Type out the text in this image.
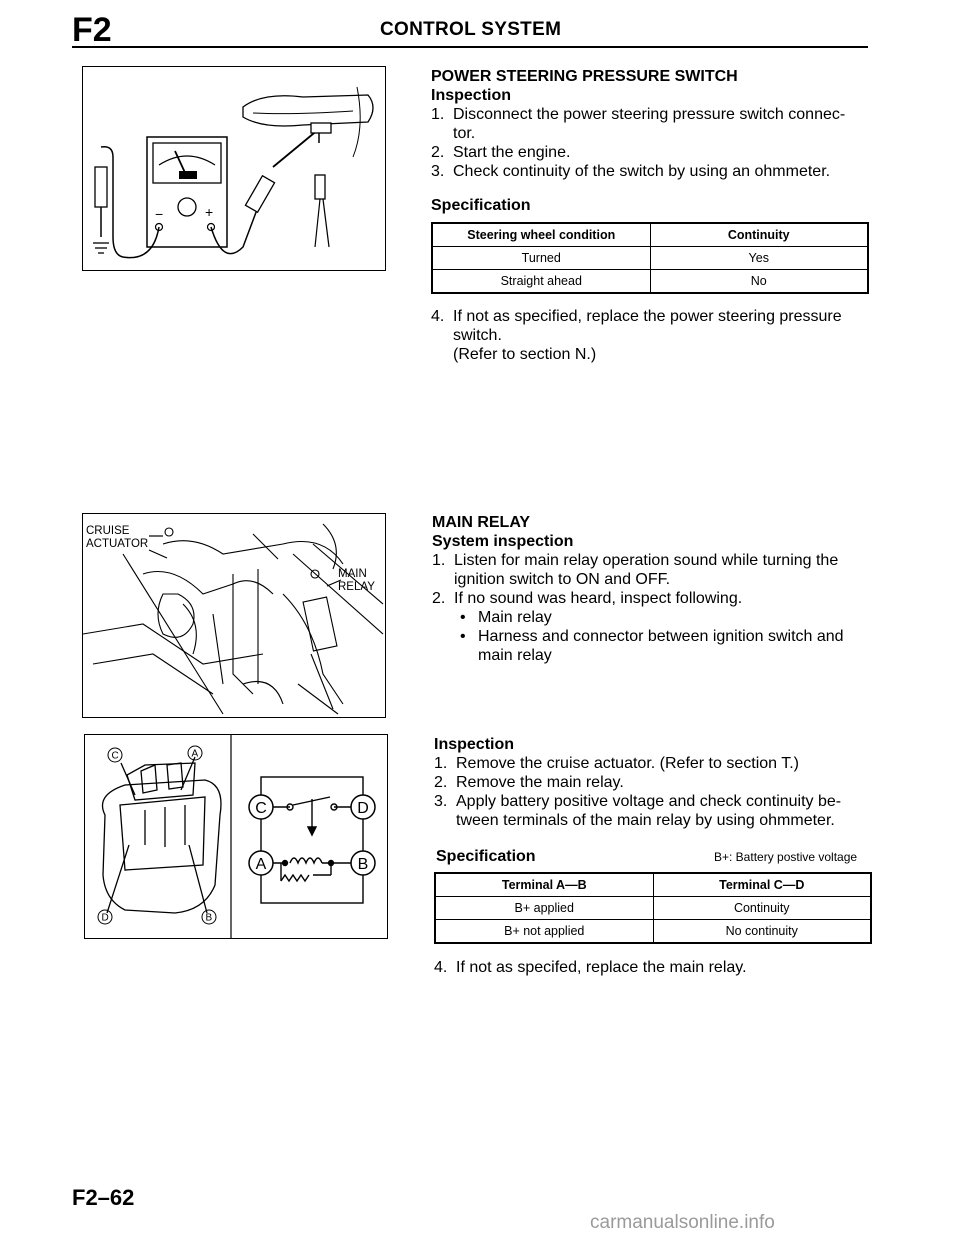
F2	CONTROL SYSTEM
−	+
POWER STEERING PRESSURE SWITCH
Inspection
1. Disconnect the power steering pressure switch connec- tor.
2. Start the engine.
3. Check continuity of the switch by using an ohmmeter.
Specification
Steering wheel condition	Continuity
Turned	Yes
Straight ahead	No
4. If not as specified, replace the power steering pressure switch.
(Refer to section N.)
CRUISE
ACTUATOR
MAIN
RELAY
MAIN RELAY
System inspection
1. Listen for main relay operation sound while turning the ignition switch to ON and OFF.
2. If no sound was heard, inspect following.
• Main relay
• Harness and connector between ignition switch and main relay
C	A
D	B
C	D
A	B
Inspection
1. Remove the cruise actuator. (Refer to section T.)
2. Remove the main relay.
3. Apply battery positive voltage and check continuity be- tween terminals of the main relay by using ohmmeter.
Specification	B+: Battery postive voltage
Terminal A—B	Terminal C—D
B+ applied	Continuity
B+ not applied	No continuity
4. If not as specifed, replace the main relay.
F2–62
carmanualsonline.info
